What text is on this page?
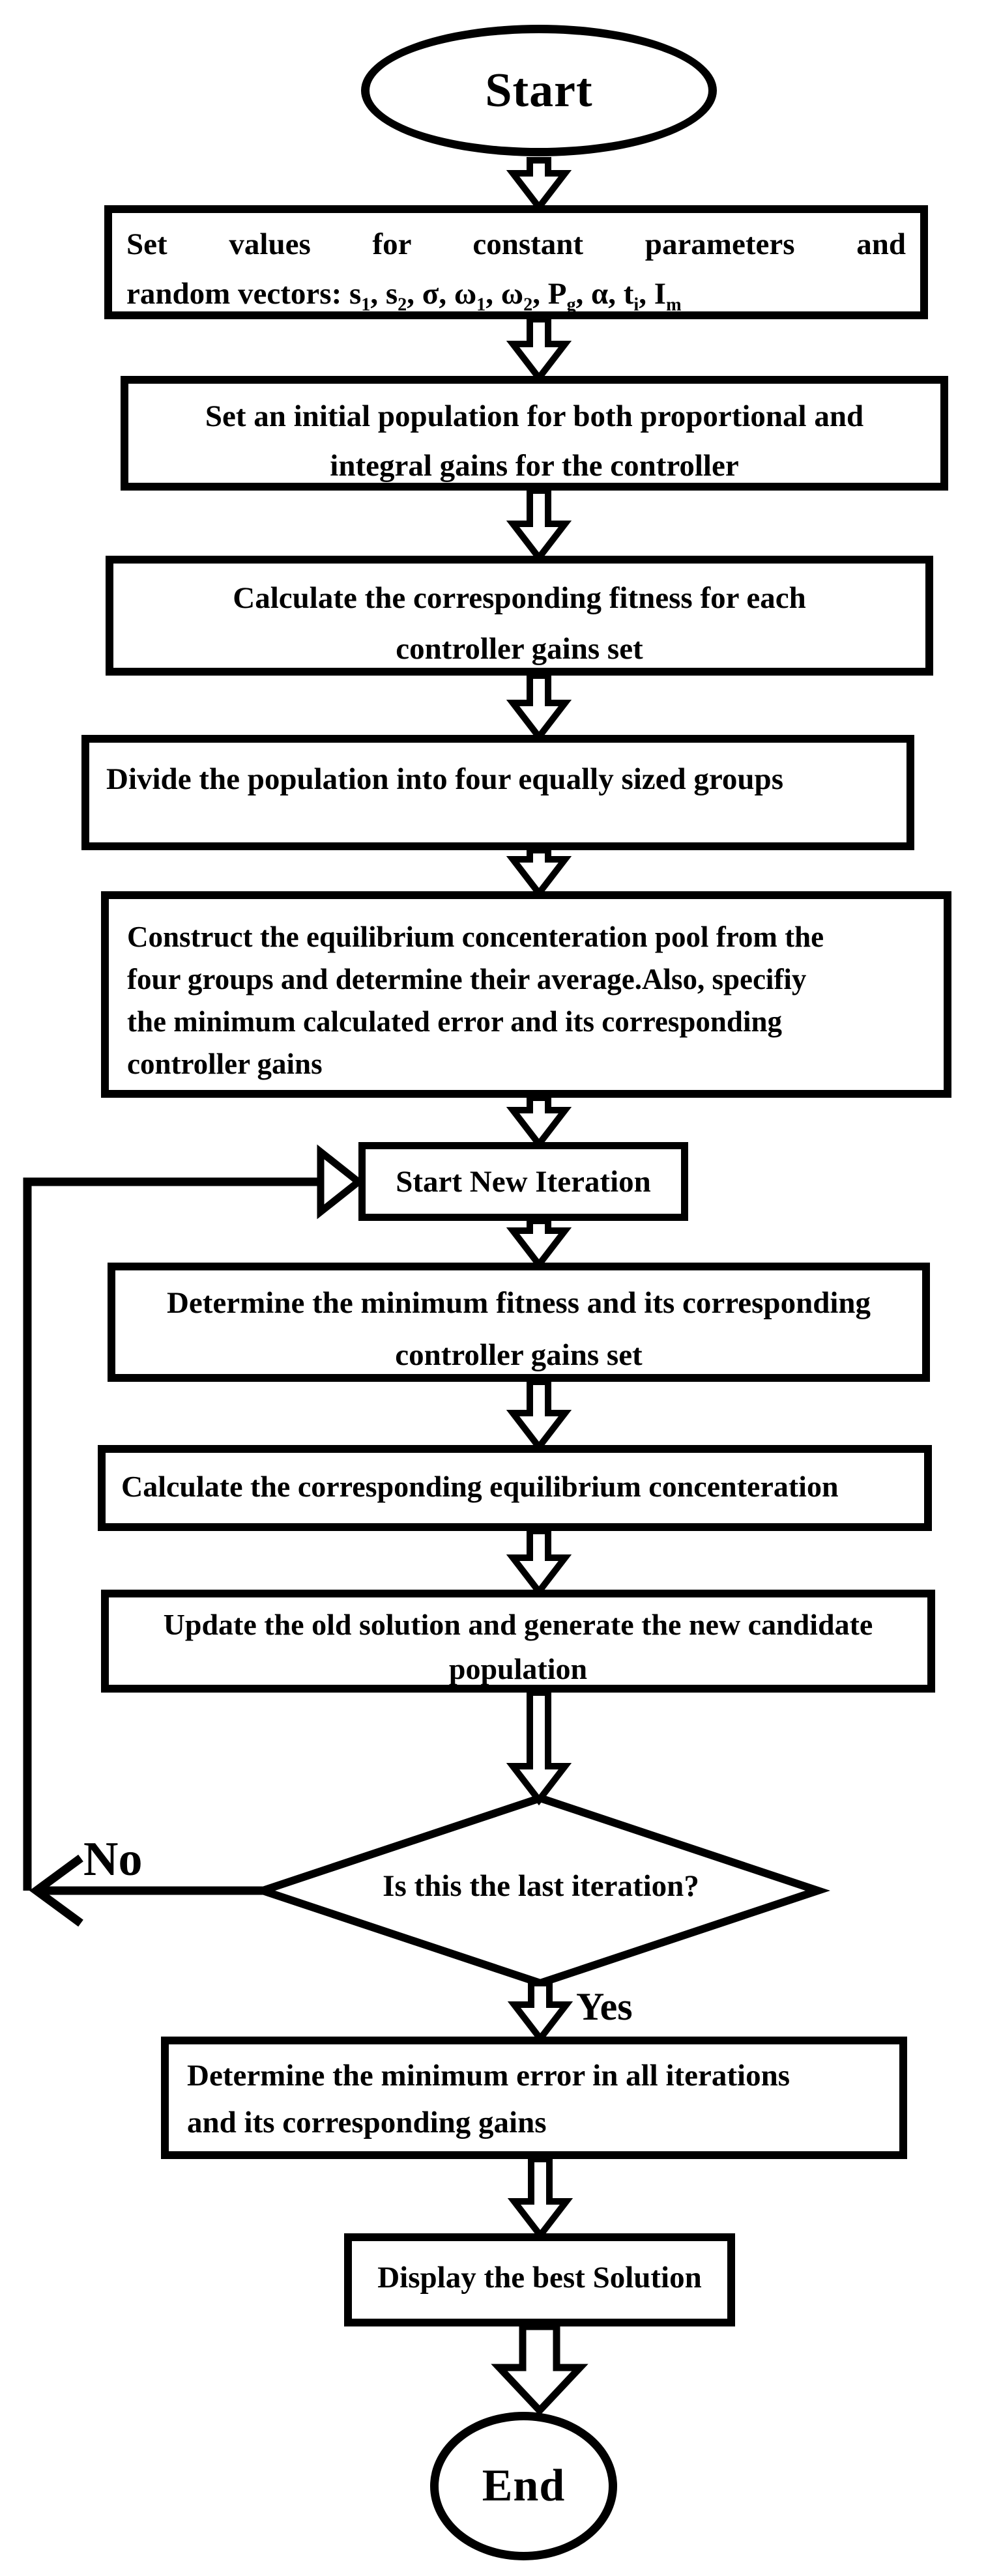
Start
Set values for constant parameters and
random vectors: $s_1$, $s_2$, σ, $\omega_1$, $\omega_2$, $P_g$, α, $t_i$, $I_m$
Set an initial population for both proportional and
integral gains for the controller
Calculate the corresponding fitness for each
controller gains set
Divide the population into four equally sized groups
Construct the equilibrium concenteration pool from the
four groups and determine their average.Also, specifiy
the minimum calculated error and its corresponding
controller gains
Start New Iteration
Determine the minimum fitness and its corresponding
controller gains set
Calculate the corresponding equilibrium concenteration
Update the old solution and generate the new candidate
population
Is this the last iteration?
No
Yes
Determine the minimum error in all iterations
and its corresponding gains
Display the best Solution
End
